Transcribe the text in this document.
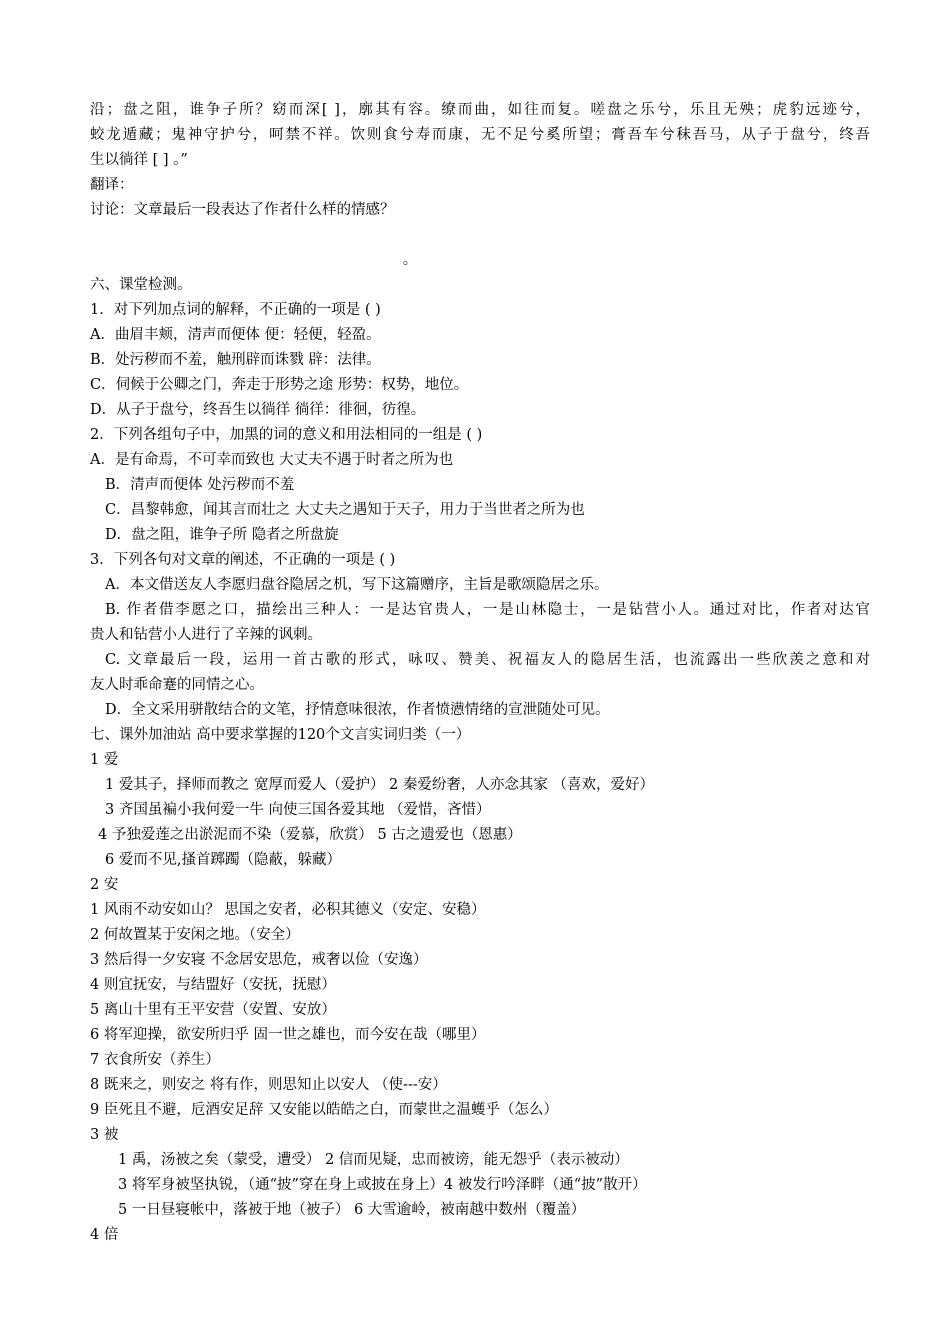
沿；盘之阻，谁争子所？窈而深[ ]，廓其有容。缭而曲，如往而复。嗟盘之乐兮，乐且无殃；虎豹远迹兮，
蛟龙遁藏；鬼神守护兮，呵禁不祥。饮则食兮寿而康，无不足兮奚所望；膏吾车兮秣吾马，从子于盘兮，终吾
生以徜徉 [ ] 。”
翻译：
讨论：文章最后一段表达了作者什么样的情感？
。
六、课堂检测。
1．对下列加点词的解释，不正确的一项是 ( )
A．曲眉丰颊，清声而便体 便：轻便，轻盈。
B．处污秽而不羞，触刑辟而诛戮 辟：法律。
C．伺候于公卿之门，奔走于形势之途 形势：权势，地位。
D．从子于盘兮，终吾生以徜徉 徜徉：徘徊，彷徨。
2．下列各组句子中，加黑的词的意义和用法相同的一组是 ( )
A．是有命焉，不可幸而致也 大丈夫不遇于时者之所为也
B．清声而便体 处污秽而不羞
C．昌黎韩愈，闻其言而壮之 大丈夫之遇知于天子，用力于当世者之所为也
D．盘之阻，谁争子所 隐者之所盘旋
3．下列各句对文章的阐述，不正确的一项是 ( )
A．本文借送友人李愿归盘谷隐居之机，写下这篇赠序，主旨是歌颂隐居之乐。
B. 作者借李愿之口，描绘出三种人：一是达官贵人，一是山林隐士，一是钻营小人。通过对比，作者对达官
贵人和钻营小人进行了辛辣的讽刺。
C. 文章最后一段，运用一首古歌的形式，咏叹、赞美、祝福友人的隐居生活，也流露出一些欣羡之意和对
友人时乖命蹇的同情之心。
D．全文采用骈散结合的文笔，抒情意味很浓，作者愤懑情绪的宣泄随处可见。
七、课外加油站 高中要求掌握的120个文言实词归类（一）
1 爱
1 爱其子，择师而教之 宽厚而爱人（爱护） 2 秦爱纷奢，人亦念其家 （喜欢，爱好）
3 齐国虽褊小我何爱一牛 向使三国各爱其地 （爱惜，吝惜）
4 予独爱莲之出淤泥而不染（爱慕，欣赏） 5 古之遗爱也（恩惠）
6 爱而不见,搔首踯躅（隐蔽，躲藏）
2 安
1 风雨不动安如山？ 思国之安者，必积其德义（安定、安稳）
2 何故置某于安闲之地。（安全）
3 然后得一夕安寝 不念居安思危，戒奢以俭（安逸）
4 则宜抚安，与结盟好（安抚，抚慰）
5 离山十里有王平安营（安置、安放）
6 将军迎操，欲安所归乎 固一世之雄也，而今安在哉（哪里）
7 衣食所安（养生）
8 既来之，则安之 将有作，则思知止以安人 （使---安）
9 臣死且不避，卮酒安足辞 又安能以皓皓之白，而蒙世之温蠖乎（怎么）
3 被
1 禹，汤被之矣（蒙受，遭受） 2 信而见疑，忠而被谤，能无怨乎（表示被动）
3 将军身被坚执锐，（通“披”穿在身上或披在身上）4 被发行吟泽畔（通“披”散开）
5 一日昼寝帐中，落被于地（被子） 6 大雪逾岭，被南越中数州（覆盖）
4 倍
